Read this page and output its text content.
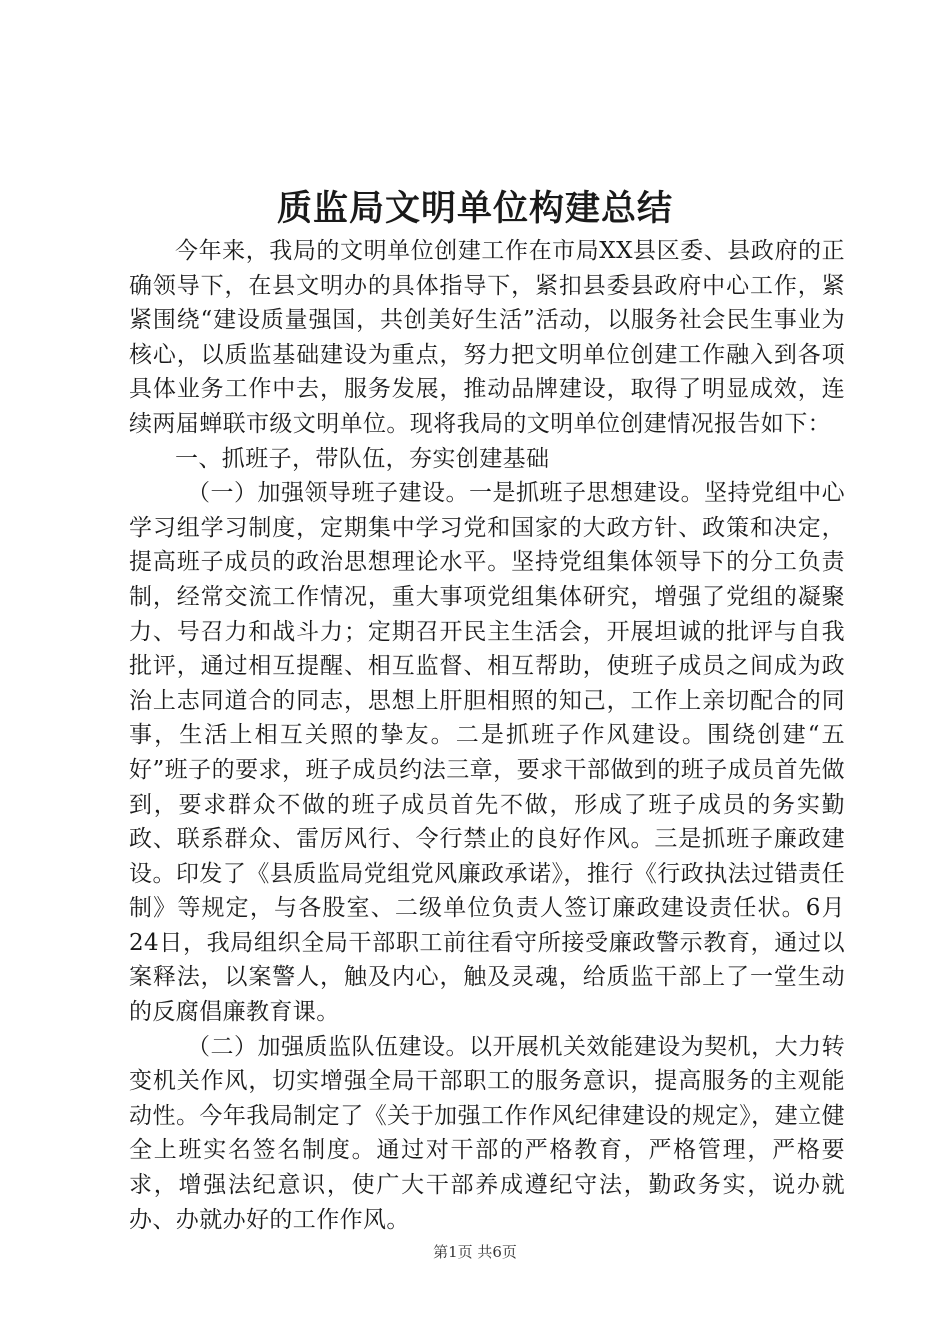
质监局文明单位构建总结

今年来，我局的文明单位创建工作在市局XX县区委、县政府的正确领导下，在县文明办的具体指导下，紧扣县委县政府中心工作，紧紧围绕“建设质量强国，共创美好生活”活动，以服务社会民生事业为核心，以质监基础建设为重点，努力把文明单位创建工作融入到各项具体业务工作中去，服务发展，推动品牌建设，取得了明显成效，连续两届蝉联市级文明单位。现将我局的文明单位创建情况报告如下：

一、抓班子，带队伍，夯实创建基础

（一）加强领导班子建设。一是抓班子思想建设。坚持党组中心学习组学习制度，定期集中学习党和国家的大政方针、政策和决定，提高班子成员的政治思想理论水平。坚持党组集体领导下的分工负责制，经常交流工作情况，重大事项党组集体研究，增强了党组的凝聚力、号召力和战斗力；定期召开民主生活会，开展坦诚的批评与自我批评，通过相互提醒、相互监督、相互帮助，使班子成员之间成为政治上志同道合的同志，思想上肝胆相照的知己，工作上亲切配合的同事，生活上相互关照的挚友。二是抓班子作风建设。围绕创建“五好”班子的要求，班子成员约法三章，要求干部做到的班子成员首先做到，要求群众不做的班子成员首先不做，形成了班子成员的务实勤政、联系群众、雷厉风行、令行禁止的良好作风。三是抓班子廉政建设。印发了《县质监局党组党风廉政承诺》，推行《行政执法过错责任制》等规定，与各股室、二级单位负责人签订廉政建设责任状。6月24日，我局组织全局干部职工前往看守所接受廉政警示教育，通过以案释法，以案警人，触及内心，触及灵魂，给质监干部上了一堂生动的反腐倡廉教育课。

（二）加强质监队伍建设。以开展机关效能建设为契机，大力转变机关作风，切实增强全局干部职工的服务意识，提高服务的主观能动性。今年我局制定了《关于加强工作作风纪律建设的规定》，建立健全上班实名签名制度。通过对干部的严格教育，严格管理，严格要求，增强法纪意识，使广大干部养成遵纪守法，勤政务实，说办就办、办就办好的工作作风。

第1页 共6页
